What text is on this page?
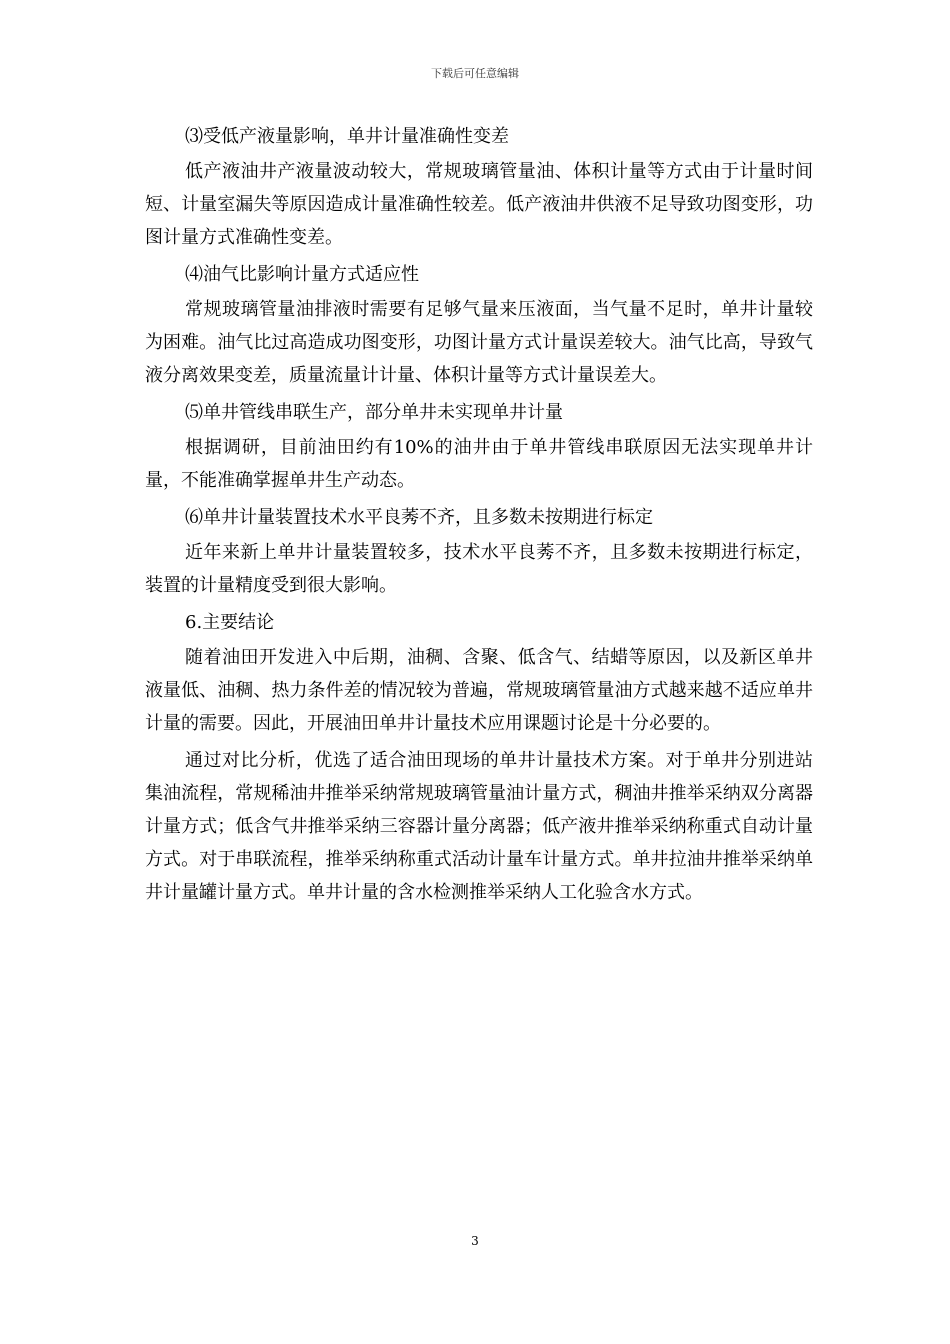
下载后可任意编辑

⑶受低产液量影响，单井计量准确性变差

低产液油井产液量波动较大，常规玻璃管量油、体积计量等方式由于计量时间短、计量室漏失等原因造成计量准确性较差。低产液油井供液不足导致功图变形，功图计量方式准确性变差。

⑷油气比影响计量方式适应性

常规玻璃管量油排液时需要有足够气量来压液面，当气量不足时，单井计量较为困难。油气比过高造成功图变形，功图计量方式计量误差较大。油气比高，导致气液分离效果变差，质量流量计计量、体积计量等方式计量误差大。

⑸单井管线串联生产，部分单井未实现单井计量

根据调研，目前油田约有10%的油井由于单井管线串联原因无法实现单井计量，不能准确掌握单井生产动态。

⑹单井计量装置技术水平良莠不齐，且多数未按期进行标定

近年来新上单井计量装置较多，技术水平良莠不齐，且多数未按期进行标定，装置的计量精度受到很大影响。

6.主要结论

随着油田开发进入中后期，油稠、含聚、低含气、结蜡等原因，以及新区单井液量低、油稠、热力条件差的情况较为普遍，常规玻璃管量油方式越来越不适应单井计量的需要。因此，开展油田单井计量技术应用课题讨论是十分必要的。

通过对比分析，优选了适合油田现场的单井计量技术方案。对于单井分别进站集油流程，常规稀油井推举采纳常规玻璃管量油计量方式，稠油井推举采纳双分离器计量方式；低含气井推举采纳三容器计量分离器；低产液井推举采纳称重式自动计量方式。对于串联流程，推举采纳称重式活动计量车计量方式。单井拉油井推举采纳单井计量罐计量方式。单井计量的含水检测推举采纳人工化验含水方式。

3
